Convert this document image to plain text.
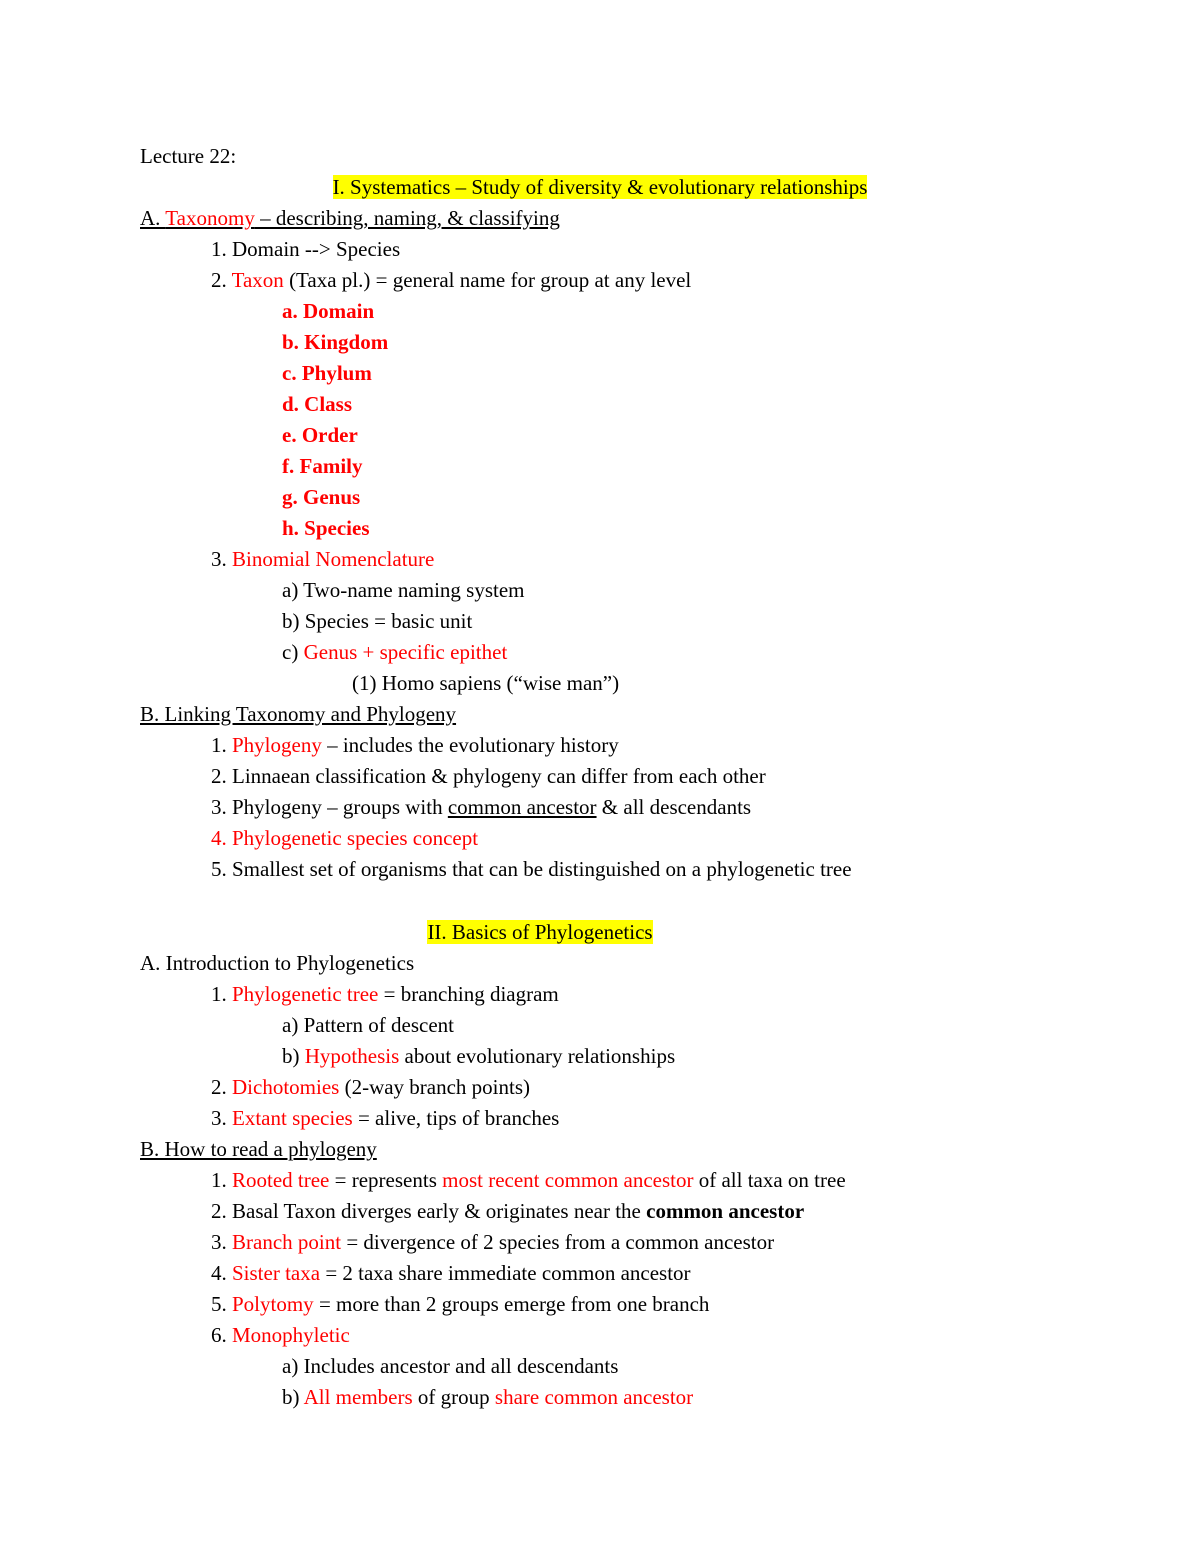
Lecture 22:
I. Systematics – Study of diversity & evolutionary relationships
A. Taxonomy – describing, naming, & classifying
1. Domain --> Species
2. Taxon (Taxa pl.) = general name for group at any level
a. Domain
b. Kingdom
c. Phylum
d. Class
e. Order
f. Family
g. Genus
h. Species
3. Binomial Nomenclature
a) Two-name naming system
b) Species = basic unit
c) Genus + specific epithet
(1) Homo sapiens (“wise man”)
B. Linking Taxonomy and Phylogeny
1. Phylogeny – includes the evolutionary history
2. Linnaean classification & phylogeny can differ from each other
3. Phylogeny – groups with common ancestor & all descendants
4. Phylogenetic species concept
5. Smallest set of organisms that can be distinguished on a phylogenetic tree
II. Basics of Phylogenetics
A. Introduction to Phylogenetics
1. Phylogenetic tree = branching diagram
a) Pattern of descent
b) Hypothesis about evolutionary relationships
2. Dichotomies (2-way branch points)
3. Extant species = alive, tips of branches
B. How to read a phylogeny
1. Rooted tree = represents most recent common ancestor of all taxa on tree
2. Basal Taxon diverges early & originates near the common ancestor
3. Branch point = divergence of 2 species from a common ancestor
4. Sister taxa = 2 taxa share immediate common ancestor
5. Polytomy = more than 2 groups emerge from one branch
6. Monophyletic
a) Includes ancestor and all descendants
b) All members of group share common ancestor
